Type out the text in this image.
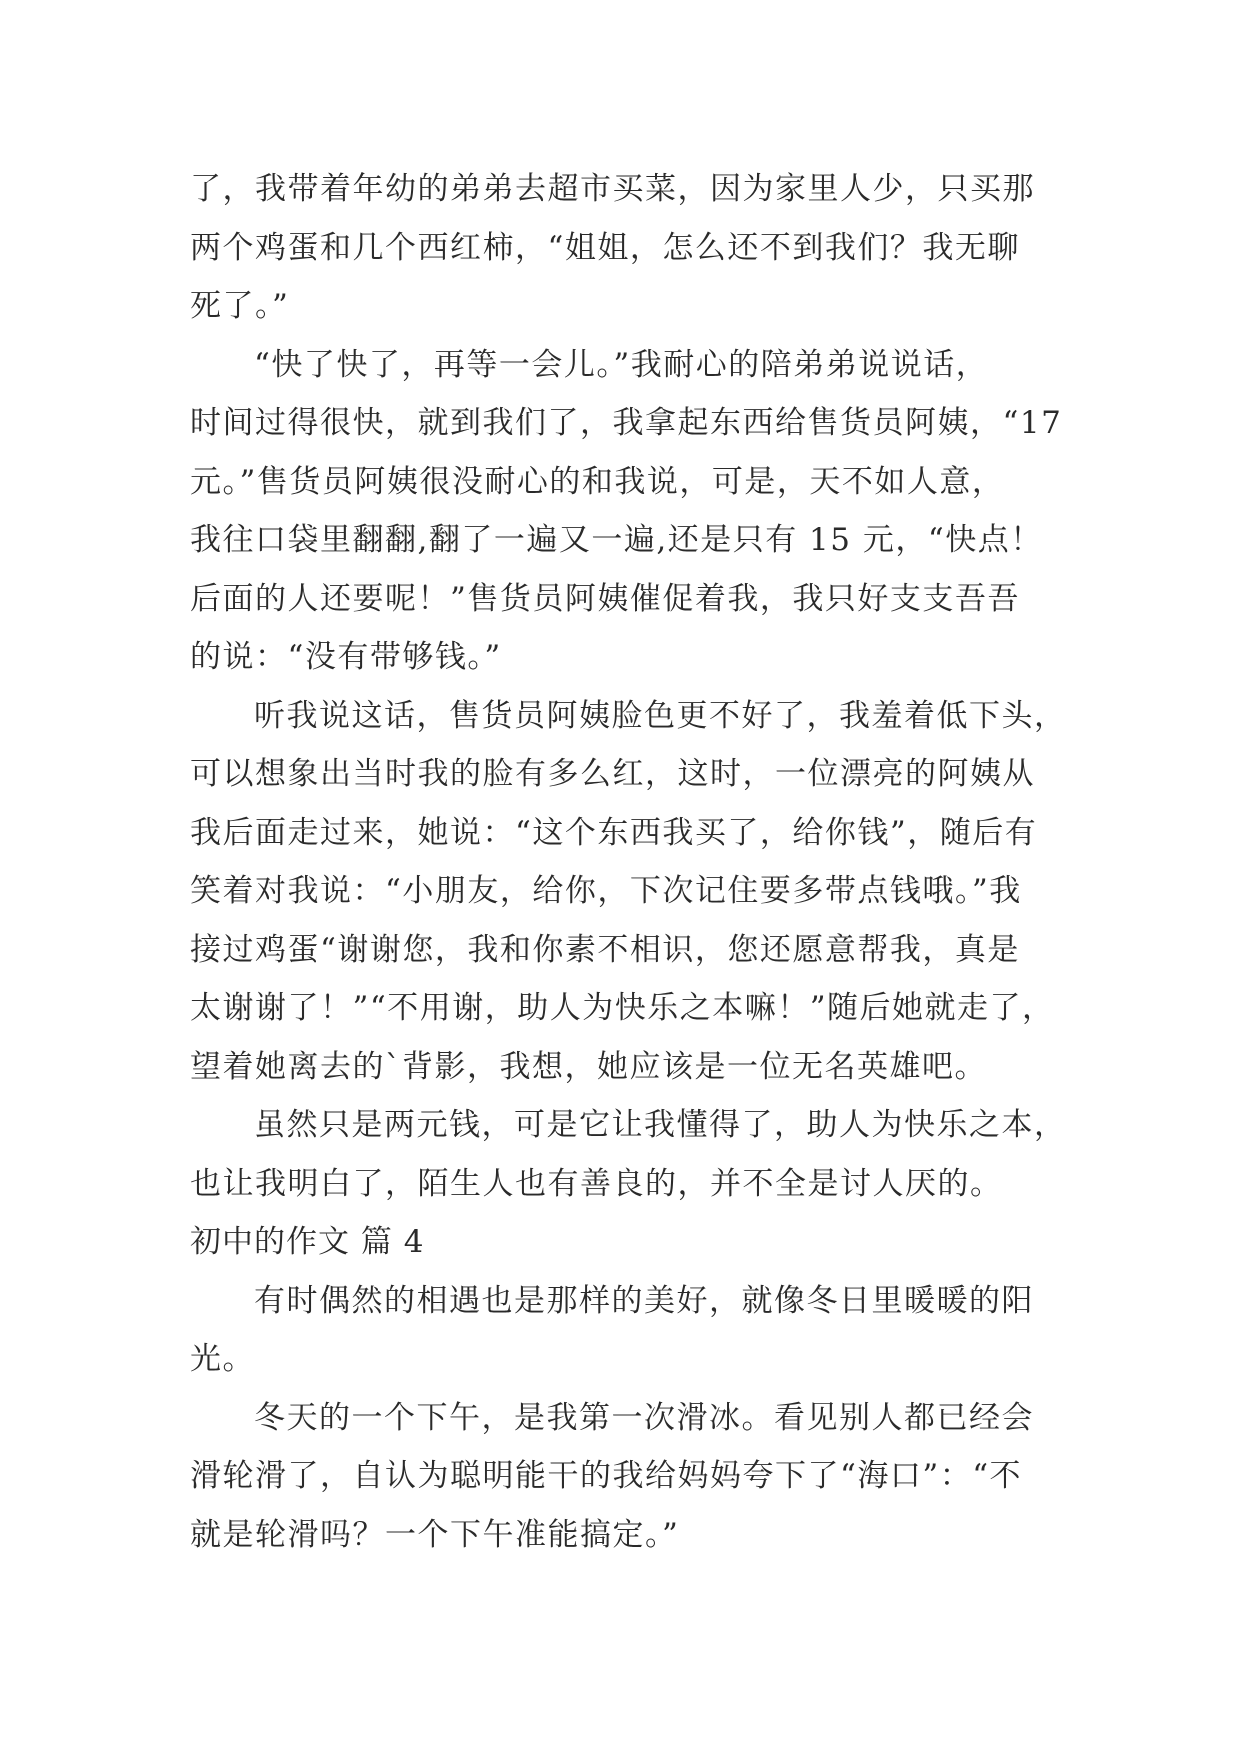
了，我带着年幼的弟弟去超市买菜，因为家里人少，只买那
两个鸡蛋和几个西红柿，“姐姐，怎么还不到我们？我无聊
死了。”
“快了快了，再等一会儿。”我耐心的陪弟弟说说话，
时间过得很快，就到我们了，我拿起东西给售货员阿姨，“17
元。”售货员阿姨很没耐心的和我说，可是，天不如人意，
我往口袋里翻翻,翻了一遍又一遍,还是只有 15 元，“快点！
后面的人还要呢！”售货员阿姨催促着我，我只好支支吾吾
的说：“没有带够钱。”
听我说这话，售货员阿姨脸色更不好了，我羞着低下头，
可以想象出当时我的脸有多么红，这时，一位漂亮的阿姨从
我后面走过来，她说：“这个东西我买了，给你钱”，随后有
笑着对我说：“小朋友，给你，下次记住要多带点钱哦。”我
接过鸡蛋“谢谢您，我和你素不相识，您还愿意帮我，真是
太谢谢了！”“不用谢，助人为快乐之本嘛！”随后她就走了，
望着她离去的`背影，我想，她应该是一位无名英雄吧。
虽然只是两元钱，可是它让我懂得了，助人为快乐之本，
也让我明白了，陌生人也有善良的，并不全是讨人厌的。
初中的作文 篇 4
有时偶然的相遇也是那样的美好，就像冬日里暖暖的阳
光。
冬天的一个下午，是我第一次滑冰。看见别人都已经会
滑轮滑了，自认为聪明能干的我给妈妈夸下了“海口”：“不
就是轮滑吗？一个下午准能搞定。”
